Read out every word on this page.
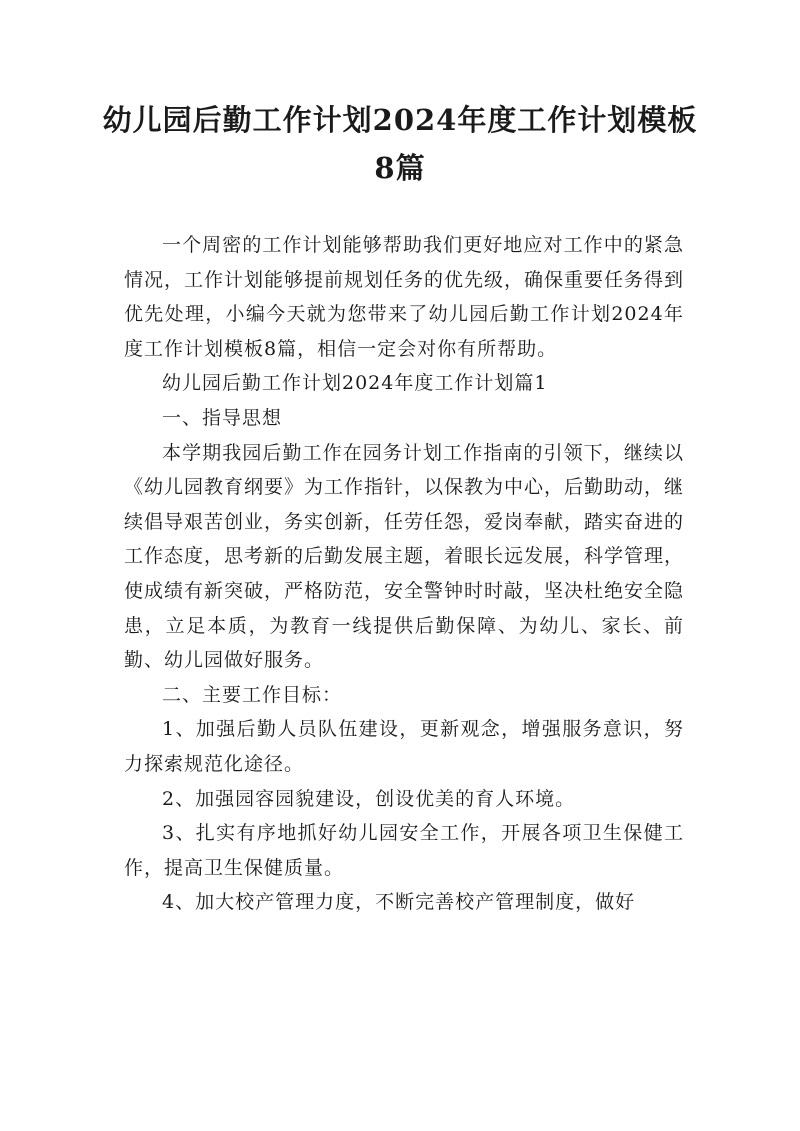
幼儿园后勤工作计划2024年度工作计划模板8篇

一个周密的工作计划能够帮助我们更好地应对工作中的紧急情况，工作计划能够提前规划任务的优先级，确保重要任务得到优先处理，小编今天就为您带来了幼儿园后勤工作计划2024年度工作计划模板8篇，相信一定会对你有所帮助。

幼儿园后勤工作计划2024年度工作计划篇1

一、指导思想

本学期我园后勤工作在园务计划工作指南的引领下，继续以《幼儿园教育纲要》为工作指针，以保教为中心，后勤助动，继续倡导艰苦创业，务实创新，任劳任怨，爱岗奉献，踏实奋进的工作态度，思考新的后勤发展主题，着眼长远发展，科学管理，使成绩有新突破，严格防范，安全警钟时时敲，坚决杜绝安全隐患，立足本质，为教育一线提供后勤保障、为幼儿、家长、前勤、幼儿园做好服务。

二、主要工作目标：

1、加强后勤人员队伍建设，更新观念，增强服务意识，努力探索规范化途径。

2、加强园容园貌建设，创设优美的育人环境。

3、扎实有序地抓好幼儿园安全工作，开展各项卫生保健工作，提高卫生保健质量。

4、加大校产管理力度，不断完善校产管理制度，做好
